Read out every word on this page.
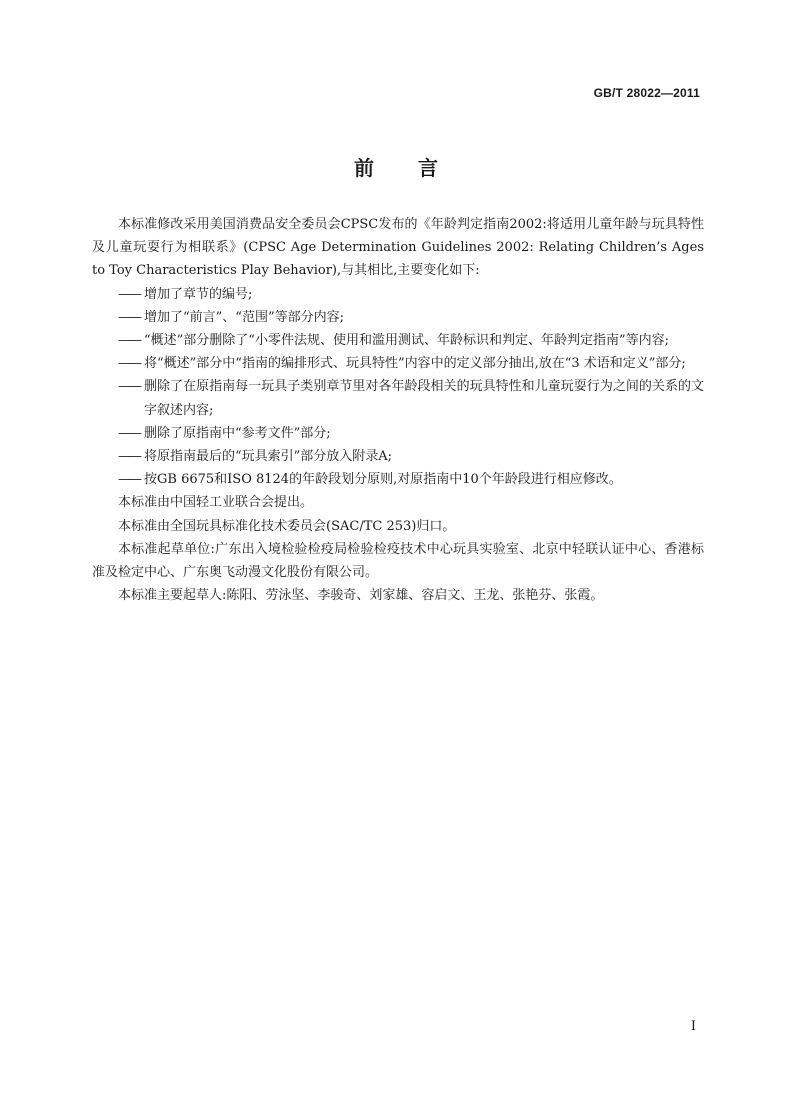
GB/T 28022—2011
前 言

本标准修改采用美国消费品安全委员会CPSC发布的《年龄判定指南2002:将适用儿童年龄与玩具特性及儿童玩耍行为相联系》(CPSC Age Determination Guidelines 2002: Relating Children’s Ages to Toy Characteristics Play Behavior),与其相比,主要变化如下:

—— 增加了章节的编号;
—— 增加了“前言”、“范围”等部分内容;
—— “概述”部分删除了“小零件法规、使用和滥用测试、年龄标识和判定、年龄判定指南”等内容;
—— 将“概述”部分中“指南的编排形式、玩具特性”内容中的定义部分抽出,放在“3 术语和定义”部分;
—— 删除了在原指南每一玩具子类别章节里对各年龄段相关的玩具特性和儿童玩耍行为之间的关系的文字叙述内容;
—— 删除了原指南中“参考文件”部分;
—— 将原指南最后的“玩具索引”部分放入附录A;
—— 按GB 6675和ISO 8124的年龄段划分原则,对原指南中10个年龄段进行相应修改。

本标准由中国轻工业联合会提出。

本标准由全国玩具标准化技术委员会(SAC/TC 253)归口。

本标准起草单位:广东出入境检验检疫局检验检疫技术中心玩具实验室、北京中轻联认证中心、香港标准及检定中心、广东奥飞动漫文化股份有限公司。

本标准主要起草人:陈阳、劳泳坚、李骏奇、刘家雄、容启文、王龙、张艳芬、张霞。

I
